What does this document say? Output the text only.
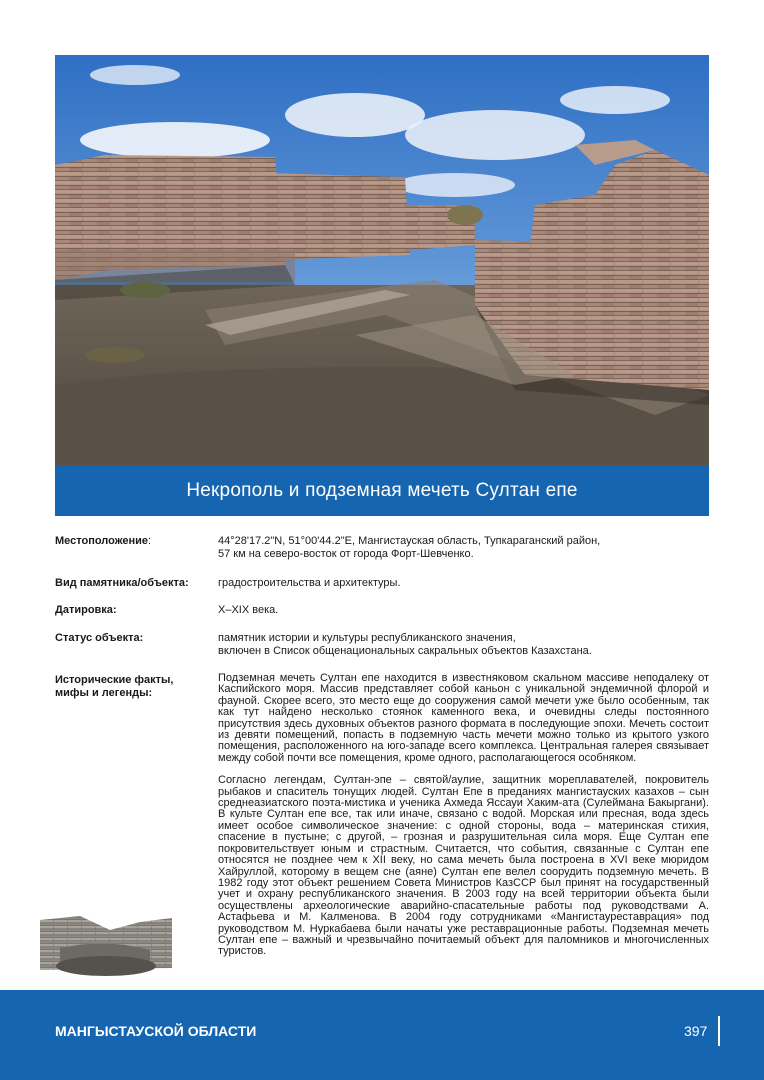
Некрополь и подземная мечеть Султан епе
Местоположение:	44°28'17.2"N, 51°00'44.2"E, Мангистауская область, Тупкараганский район,
57 км на северо-восток от города Форт-Шевченко.
Вид памятника/объекта:	градостроительства и архитектуры.
Датировка:	X–XIX века.
Статус объекта:	памятник истории и культуры республиканского значения,
включен в Список общенациональных сакральных объектов Казахстана.
Исторические факты, мифы и легенды:

Подземная мечеть Султан епе находится в известняковом скальном массиве неподалеку от Каспийского моря. Массив представляет собой каньон с уникальной эндемичной флорой и фауной. Скорее всего, это место еще до сооружения самой мечети уже было особенным, так как тут найдено несколько стоянок каменного века, и очевидны следы постоянного присутствия здесь духовных объектов разного формата в последующие эпохи. Мечеть состоит из девяти помещений, попасть в подземную часть мечети можно только из крытого узкого помещения, расположенного на юго-западе всего комплекса. Центральная галерея связывает между собой почти все помещения, кроме одного, располагающегося особняком.

Согласно легендам, Султан-эпе – святой/аулие, защитник мореплавателей, покровитель рыбаков и спаситель тонущих людей. Султан Епе в преданиях мангистауских казахов – сын среднеазиатского поэта-мистика и ученика Ахмеда Яссауи Хаким-ата (Сулеймана Бакыргани). В культе Султан епе все, так или иначе, связано с водой. Морская или пресная, вода здесь имеет особое символическое значение: с одной стороны, вода – материнская стихия, спасение в пустыне; с другой, – грозная и разрушительная сила моря. Еще Султан епе покровительствует юным и страстным. Считается, что события, связанные с Султан епе относятся не позднее чем к XII веку, но сама мечеть была построена в XVI веке мюридом Хайруллой, которому в вещем сне (аяне) Султан епе велел соорудить подземную мечеть. В 1982 году этот объект решением Совета Министров КазССР был принят на государственный учет и охрану республиканского значения. В 2003 году на всей территории объекта были осуществлены археологические аварийно-спасательные работы под руководствами А. Астафьева и М. Калменова. В 2004 году сотрудниками «Мангистауреставрация» под руководством М. Нуркабаева были начаты уже реставрационные работы. Подземная мечеть Султан епе – важный и чрезвычайно почитаемый объект для паломников и многочисленных туристов.

МАНГЫСТАУСКОЙ ОБЛАСТИ	397
